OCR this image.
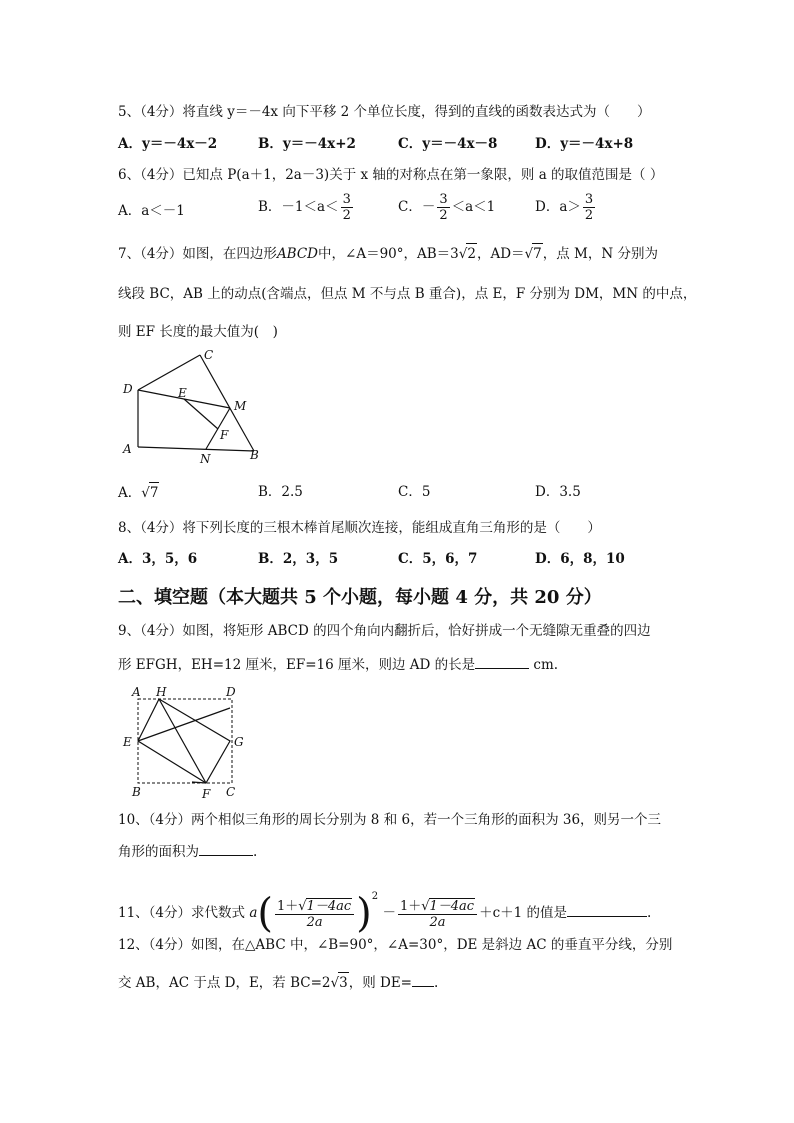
5、（4分）将直线 y＝－4x 向下平移 2 个单位长度，得到的直线的函数表达式为（　　）
A．y＝－4x－2	B．y＝－4x+2	C．y＝－4x－8	D．y＝－4x+8
6、（4分）已知点 P(a＋1，2a－3)关于 x 轴的对称点在第一象限，则 a 的取值范围是（ ）
A．a＜－1	B．$-1<a< \frac{3}{2}$	C．－ $\frac{3}{2} <a<1$	D．$a> \frac{3}{2}$
7、（4分）如图，在四边形ABCD中，∠A＝90°，AB＝3√2，AD＝√7，点 M，N 分别为
线段 BC，AB 上的动点(含端点，但点 M 不与点 B 重合)，点 E，F 分别为 DM，MN 的中点，
则 EF 长度的最大值为(　)
C
D	E
M
F
A
N	B
A．√7	B．2.5	C．5	D．3.5
8、（4分）将下列长度的三根木棒首尾顺次连接，能组成直角三角形的是（　　）
A．3，5，6	B．2，3，5	C．5，6，7	D．6，8，10
二、填空题（本大题共 5 个小题，每小题 4 分，共 20 分）
9、（4分）如图，将矩形 ABCD 的四个角向内翻折后，恰好拼成一个无缝隙无重叠的四边
形 EFGH，EH=12 厘米，EF=16 厘米，则边 AD 的长是	cm.
A H	D
E	G
B	F C
10、（4分）两个相似三角形的周长分别为 8 和 6，若一个三角形的面积为 36，则另一个三
角形的面积为	.
11、（4分）求代数式 $a( \frac{1+√1-4ac}{2a} )^2 - \frac{1+√1-4ac}{2a} +c+1$ 的值是	.
12、（4分）如图，在△ABC 中，∠B=90°，∠A=30°，DE 是斜边 AC 的垂直平分线，分别
交 AB，AC 于点 D，E，若 BC=2√3，则 DE= .
